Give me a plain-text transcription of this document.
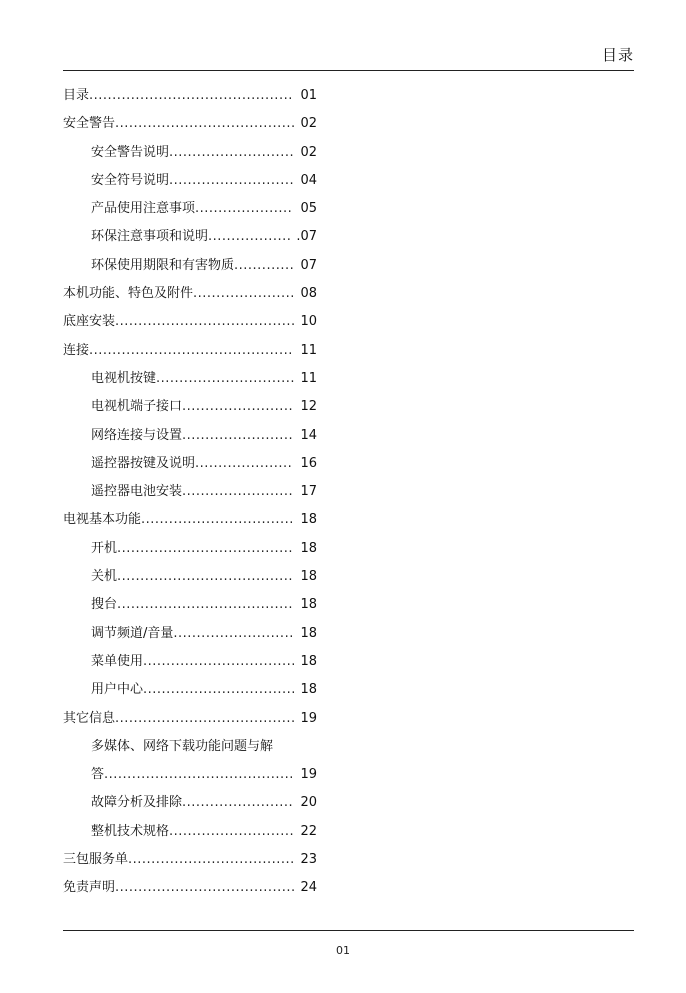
目录
目录............................................ 01
安全警告....................................... 02
安全警告说明........................... 02
安全符号说明........................... 04
产品使用注意事项..................... 05
环保注意事项和说明.................. .07
环保使用期限和有害物质............. 07
本机功能、特色及附件...................... 08
底座安装....................................... 10
连接............................................ 11
电视机按键.............................. 11
电视机端子接口........................ 12
网络连接与设置........................ 14
遥控器按键及说明..................... 16
遥控器电池安装........................ 17
电视基本功能................................. 18
开机...................................... 18
关机...................................... 18
搜台...................................... 18
调节频道/音量.......................... 18
菜单使用................................. 18
用户中心................................. 18
其它信息....................................... 19
多媒体、网络下载功能问题与解
答......................................... 19
故障分析及排除........................ 20
整机技术规格........................... 22
三包服务单.................................... 23
免责声明....................................... 24
01
